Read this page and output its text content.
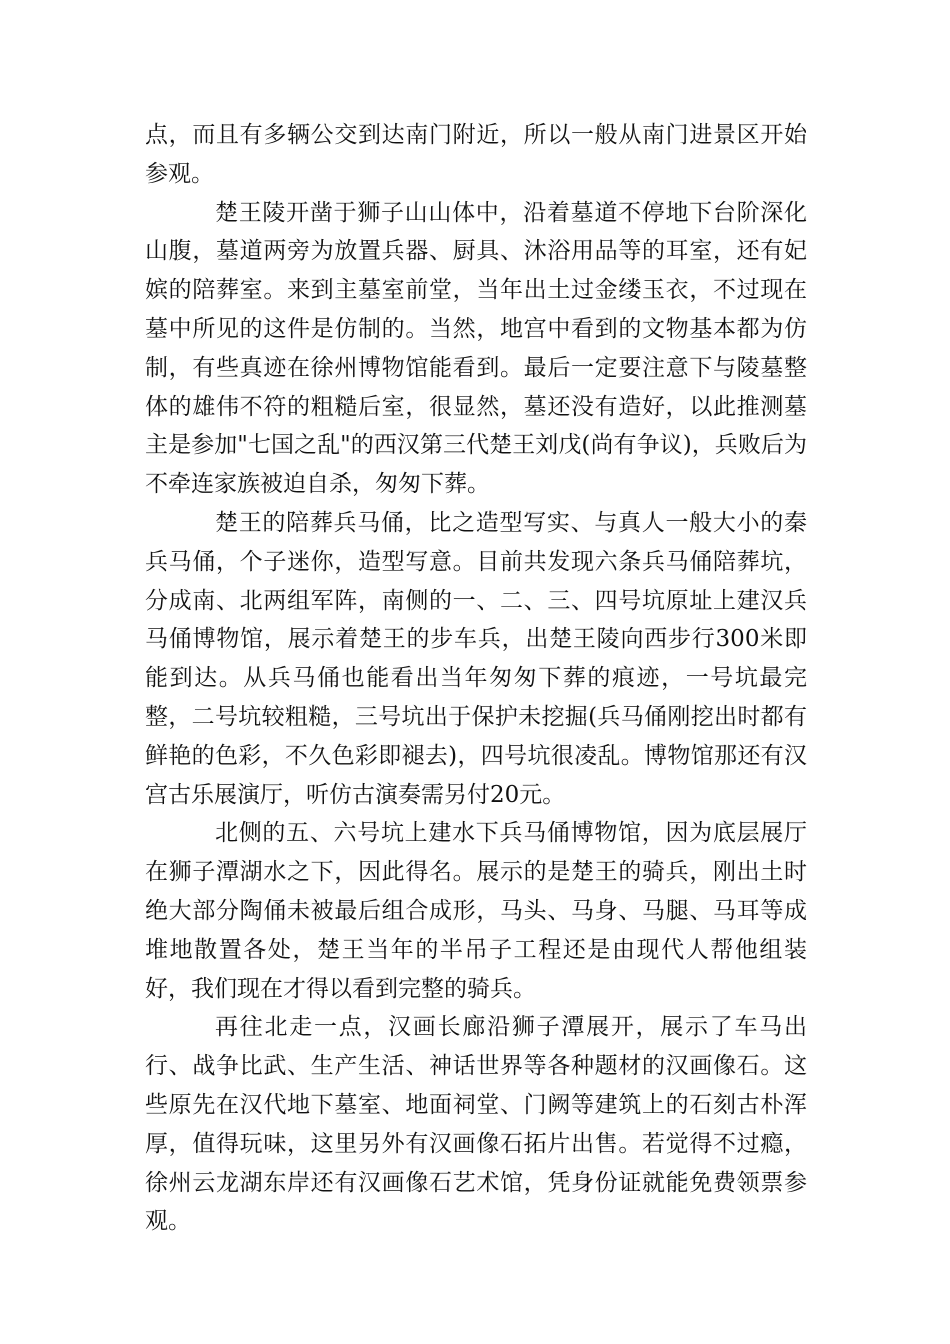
点，而且有多辆公交到达南门附近，所以一般从南门进景区开始参观。

楚王陵开凿于狮子山山体中，沿着墓道不停地下台阶深化山腹，墓道两旁为放置兵器、厨具、沐浴用品等的耳室，还有妃嫔的陪葬室。来到主墓室前堂，当年出土过金缕玉衣，不过现在墓中所见的这件是仿制的。当然，地宫中看到的文物基本都为仿制，有些真迹在徐州博物馆能看到。最后一定要注意下与陵墓整体的雄伟不符的粗糙后室，很显然，墓还没有造好，以此推测墓主是参加"七国之乱"的西汉第三代楚王刘戊(尚有争议)，兵败后为不牵连家族被迫自杀，匆匆下葬。

楚王的陪葬兵马俑，比之造型写实、与真人一般大小的秦兵马俑，个子迷你，造型写意。目前共发现六条兵马俑陪葬坑，分成南、北两组军阵，南侧的一、二、三、四号坑原址上建汉兵马俑博物馆，展示着楚王的步车兵，出楚王陵向西步行300米即能到达。从兵马俑也能看出当年匆匆下葬的痕迹，一号坑最完整，二号坑较粗糙，三号坑出于保护未挖掘(兵马俑刚挖出时都有鲜艳的色彩，不久色彩即褪去)，四号坑很凌乱。博物馆那还有汉宫古乐展演厅，听仿古演奏需另付20元。

北侧的五、六号坑上建水下兵马俑博物馆，因为底层展厅在狮子潭湖水之下，因此得名。展示的是楚王的骑兵，刚出土时绝大部分陶俑未被最后组合成形，马头、马身、马腿、马耳等成堆地散置各处，楚王当年的半吊子工程还是由现代人帮他组装好，我们现在才得以看到完整的骑兵。

再往北走一点，汉画长廊沿狮子潭展开，展示了车马出行、战争比武、生产生活、神话世界等各种题材的汉画像石。这些原先在汉代地下墓室、地面祠堂、门阙等建筑上的石刻古朴浑厚，值得玩味，这里另外有汉画像石拓片出售。若觉得不过瘾，徐州云龙湖东岸还有汉画像石艺术馆，凭身份证就能免费领票参观。
